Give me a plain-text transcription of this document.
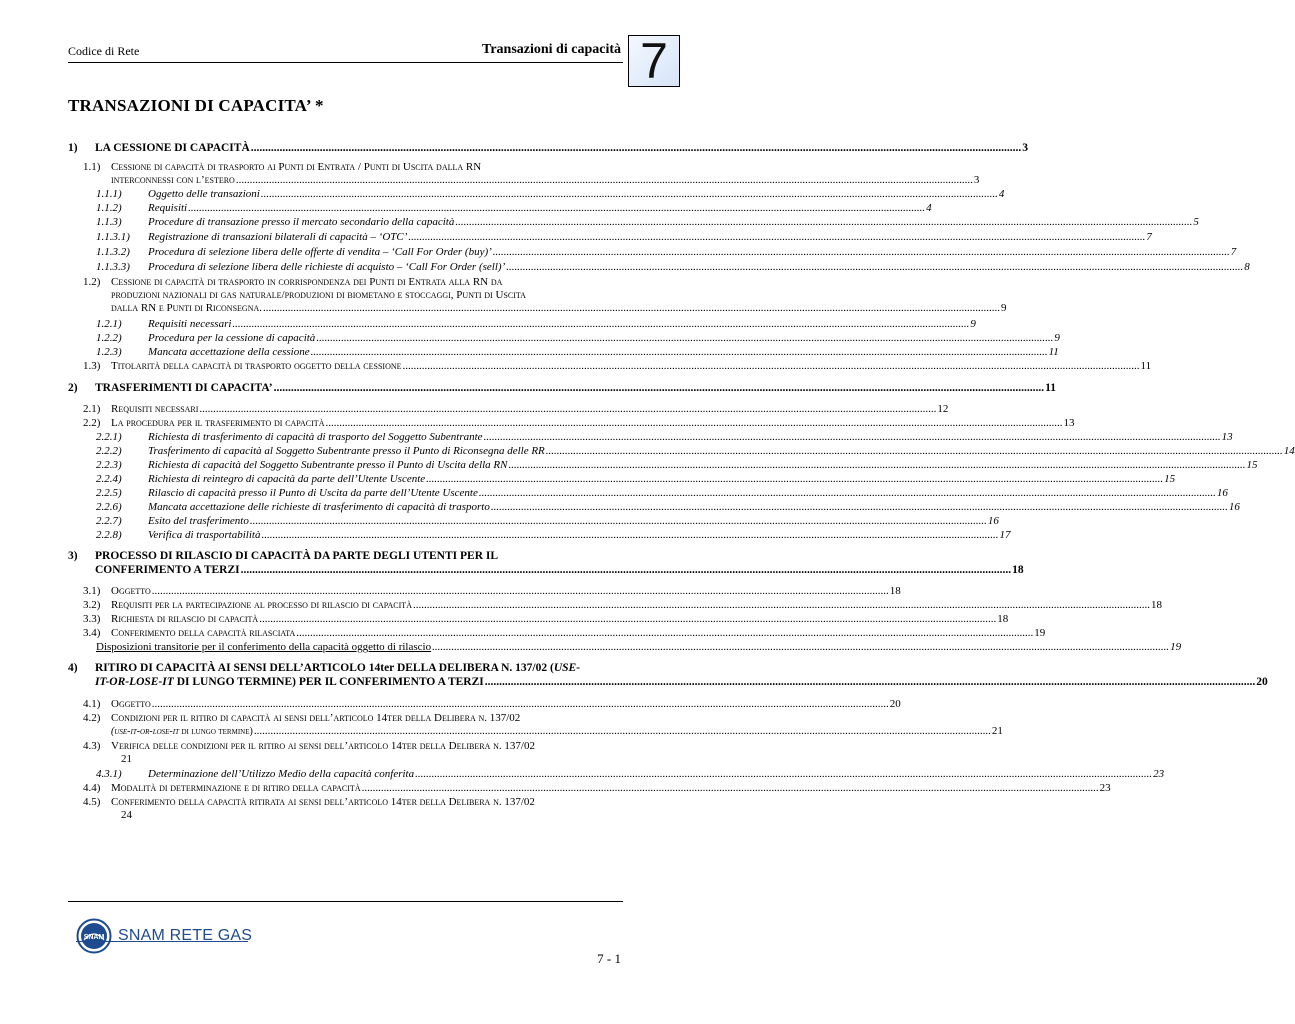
Codice di Rete	Transazioni di capacità 7
TRANSAZIONI DI CAPACITA’ *
1) LA CESSIONE DI CAPACITÀ .....	3
1.1) Cessione di capacità di trasporto ai Punti di Entrata / Punti di Uscita dalla RN
interconnessi con l’estero .....	3
1.1.1)	Oggetto delle transazioni .....	4
1.1.2)	Requisiti .....	4
1.1.3)	Procedure di transazione presso il mercato secondario della capacità .....	5
1.1.3.1)	Registrazione di transazioni bilaterali di capacità – ‘OTC’ .....	7
1.1.3.2)	Procedura di selezione libera delle offerte di vendita – ‘Call For Order (buy)’ .....	7
1.1.3.3)	Procedura di selezione libera delle richieste di acquisto – ‘Call For Order (sell)’ .....	8
1.2) Cessione di capacità di trasporto in corrispondenza dei Punti di Entrata alla RN da
produzioni nazionali di gas naturale/produzioni di biometano e stoccaggi, Punti di Uscita
dalla RN e Punti di Riconsegna. .....	9
1.2.1)	Requisiti necessari .....	9
1.2.2)	Procedura per la cessione di capacità .....	9
1.2.3)	Mancata accettazione della cessione .....	11
1.3) Titolarità della capacità di trasporto oggetto della cessione .....	11
2) TRASFERIMENTI DI CAPACITA’ .....	11
2.1) Requisiti necessari .....	12
2.2) La procedura per il trasferimento di capacità .....	13
2.2.1)	Richiesta di trasferimento di capacità di trasporto del Soggetto Subentrante .....	13
2.2.2)	Trasferimento di capacità al Soggetto Subentrante presso il Punto di Riconsegna delle RR .....	14
2.2.3)	Richiesta di capacità del Soggetto Subentrante presso il Punto di Uscita della RN .....	15
2.2.4)	Richiesta di reintegro di capacità da parte dell’Utente Uscente .....	15
2.2.5)	Rilascio di capacità presso il Punto di Uscita da parte dell’Utente Uscente .....	16
2.2.6)	Mancata accettazione delle richieste di trasferimento di capacità di trasporto .....	16
2.2.7)	Esito del trasferimento .....	16
2.2.8)	Verifica di trasportabilità .....	17
3) PROCESSO DI RILASCIO DI CAPACITÀ DA PARTE DEGLI UTENTI PER IL
CONFERIMENTO A TERZI .....	18
3.1) Oggetto .....	18
3.2) Requisiti per la partecipazione al processo di rilascio di capacità .....	18
3.3) Richiesta di rilascio di capacità .....	18
3.4) Conferimento della capacità rilasciata .....	19
Disposizioni transitorie per il conferimento della capacità oggetto di rilascio .....	19
4) RITIRO DI CAPACITÀ AI SENSI DELL’ARTICOLO 14ter DELLA DELIBERA N. 137/02 (USE-
IT-OR-LOSE-IT DI LUNGO TERMINE) PER IL CONFERIMENTO A TERZI .....	20
4.1) Oggetto .....	20
4.2) Condizioni per il ritiro di capacità ai sensi dell’articolo 14ter della Delibera n. 137/02
(use-it-or-lose-it di lungo termine) .....	21
4.3) Verifica delle condizioni per il ritiro ai sensi dell’articolo 14ter della Delibera n. 137/02
21
4.3.1)	Determinazione dell’Utilizzo Medio della capacità conferita .....	23
4.4) Modalità di determinazione e di ritiro della capacità .....	23
4.5) Conferimento della capacità ritirata ai sensi dell’articolo 14ter della Delibera n. 137/02
24
SNAM SNAM RETE GAS
7 - 1
